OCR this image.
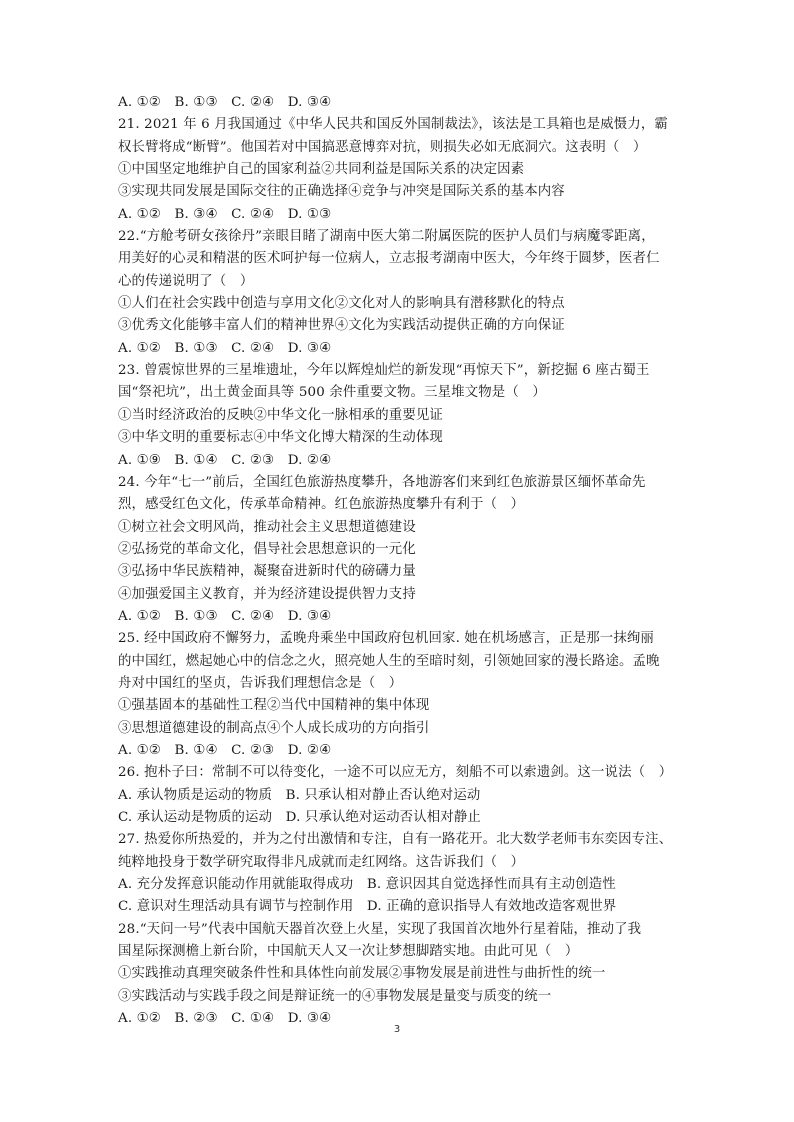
A. ①②　B. ①③　C. ②④　D. ③④
21. 2021 年 6 月我国通过《中华人民共和国反外国制裁法》，该法是工具箱也是威慑力，霸
权长臂将成“断臂”。他国若对中国搞恶意博弈对抗，则损失必如无底洞穴。这表明（　）
①中国坚定地维护自己的国家利益②共同利益是国际关系的决定因素
③实现共同发展是国际交往的正确选择④竞争与冲突是国际关系的基本内容
A. ①②　B. ③④　C. ②④　D. ①③
22.“方舱考研女孩徐丹”亲眼目睹了湖南中医大第二附属医院的医护人员们与病魔零距离，
用美好的心灵和精湛的医术呵护每一位病人，立志报考湖南中医大，今年终于圆梦，医者仁
心的传递说明了（　）
①人们在社会实践中创造与享用文化②文化对人的影响具有潜移默化的特点
③优秀文化能够丰富人们的精神世界④文化为实践活动提供正确的方向保证
A. ①②　B. ①③　C. ②④　D. ③④
23. 曾震惊世界的三星堆遗址，今年以辉煌灿烂的新发现“再惊天下”，新挖掘 6 座古蜀王
国“祭祀坑”，出土黄金面具等 500 余件重要文物。三星堆文物是（　）
①当时经济政治的反映②中华文化一脉相承的重要见证
③中华文明的重要标志④中华文化博大精深的生动体现
A. ①⑨　B. ①④　C. ②③　D. ②④
24. 今年“七一”前后，全国红色旅游热度攀升，各地游客们来到红色旅游景区缅怀革命先
烈，感受红色文化，传承革命精神。红色旅游热度攀升有利于（　）
①树立社会文明风尚，推动社会主义思想道德建设
②弘扬党的革命文化，倡导社会思想意识的一元化
③弘扬中华民族精神，凝聚奋进新时代的磅礴力量
④加强爱国主义教育，并为经济建设提供智力支持
A. ①②　B. ①③　C. ②④　D. ③④
25. 经中国政府不懈努力，孟晚舟乘坐中国政府包机回家. 她在机场感言，正是那一抹绚丽
的中国红，燃起她心中的信念之火，照亮她人生的至暗时刻，引领她回家的漫长路途。孟晚
舟对中国红的坚贞，告诉我们理想信念是（　）
①强基固本的基础性工程②当代中国精神的集中体现
③思想道德建设的制高点④个人成长成功的方向指引
A. ①②　B. ①④　C. ②③　D. ②④
26. 抱朴子曰：常制不可以待变化，一途不可以应无方，刻船不可以索遗剑。这一说法（　）
A. 承认物质是运动的物质　B. 只承认相对静止否认绝对运动
C. 承认运动是物质的运动　D. 只承认绝对运动否认相对静止
27. 热爱你所热爱的，并为之付出激情和专注，自有一路花开。北大数学老师韦东奕因专注、
纯粹地投身于数学研究取得非凡成就而走红网络。这告诉我们（　）
A. 充分发挥意识能动作用就能取得成功　B. 意识因其自觉选择性而具有主动创造性
C. 意识对生理活动具有调节与控制作用　D. 正确的意识指导人有效地改造客观世界
28.“天问一号”代表中国航天器首次登上火星，实现了我国首次地外行星着陆，推动了我
国星际探测檐上新台阶，中国航天人又一次让梦想脚踏实地。由此可见（　）
①实践推动真理突破条件性和具体性向前发展②事物发展是前进性与曲折性的统一
③实践活动与实践手段之间是辩证统一的④事物发展是量变与质变的统一
A. ①②　B. ②③　C. ①④　D. ③④
3
